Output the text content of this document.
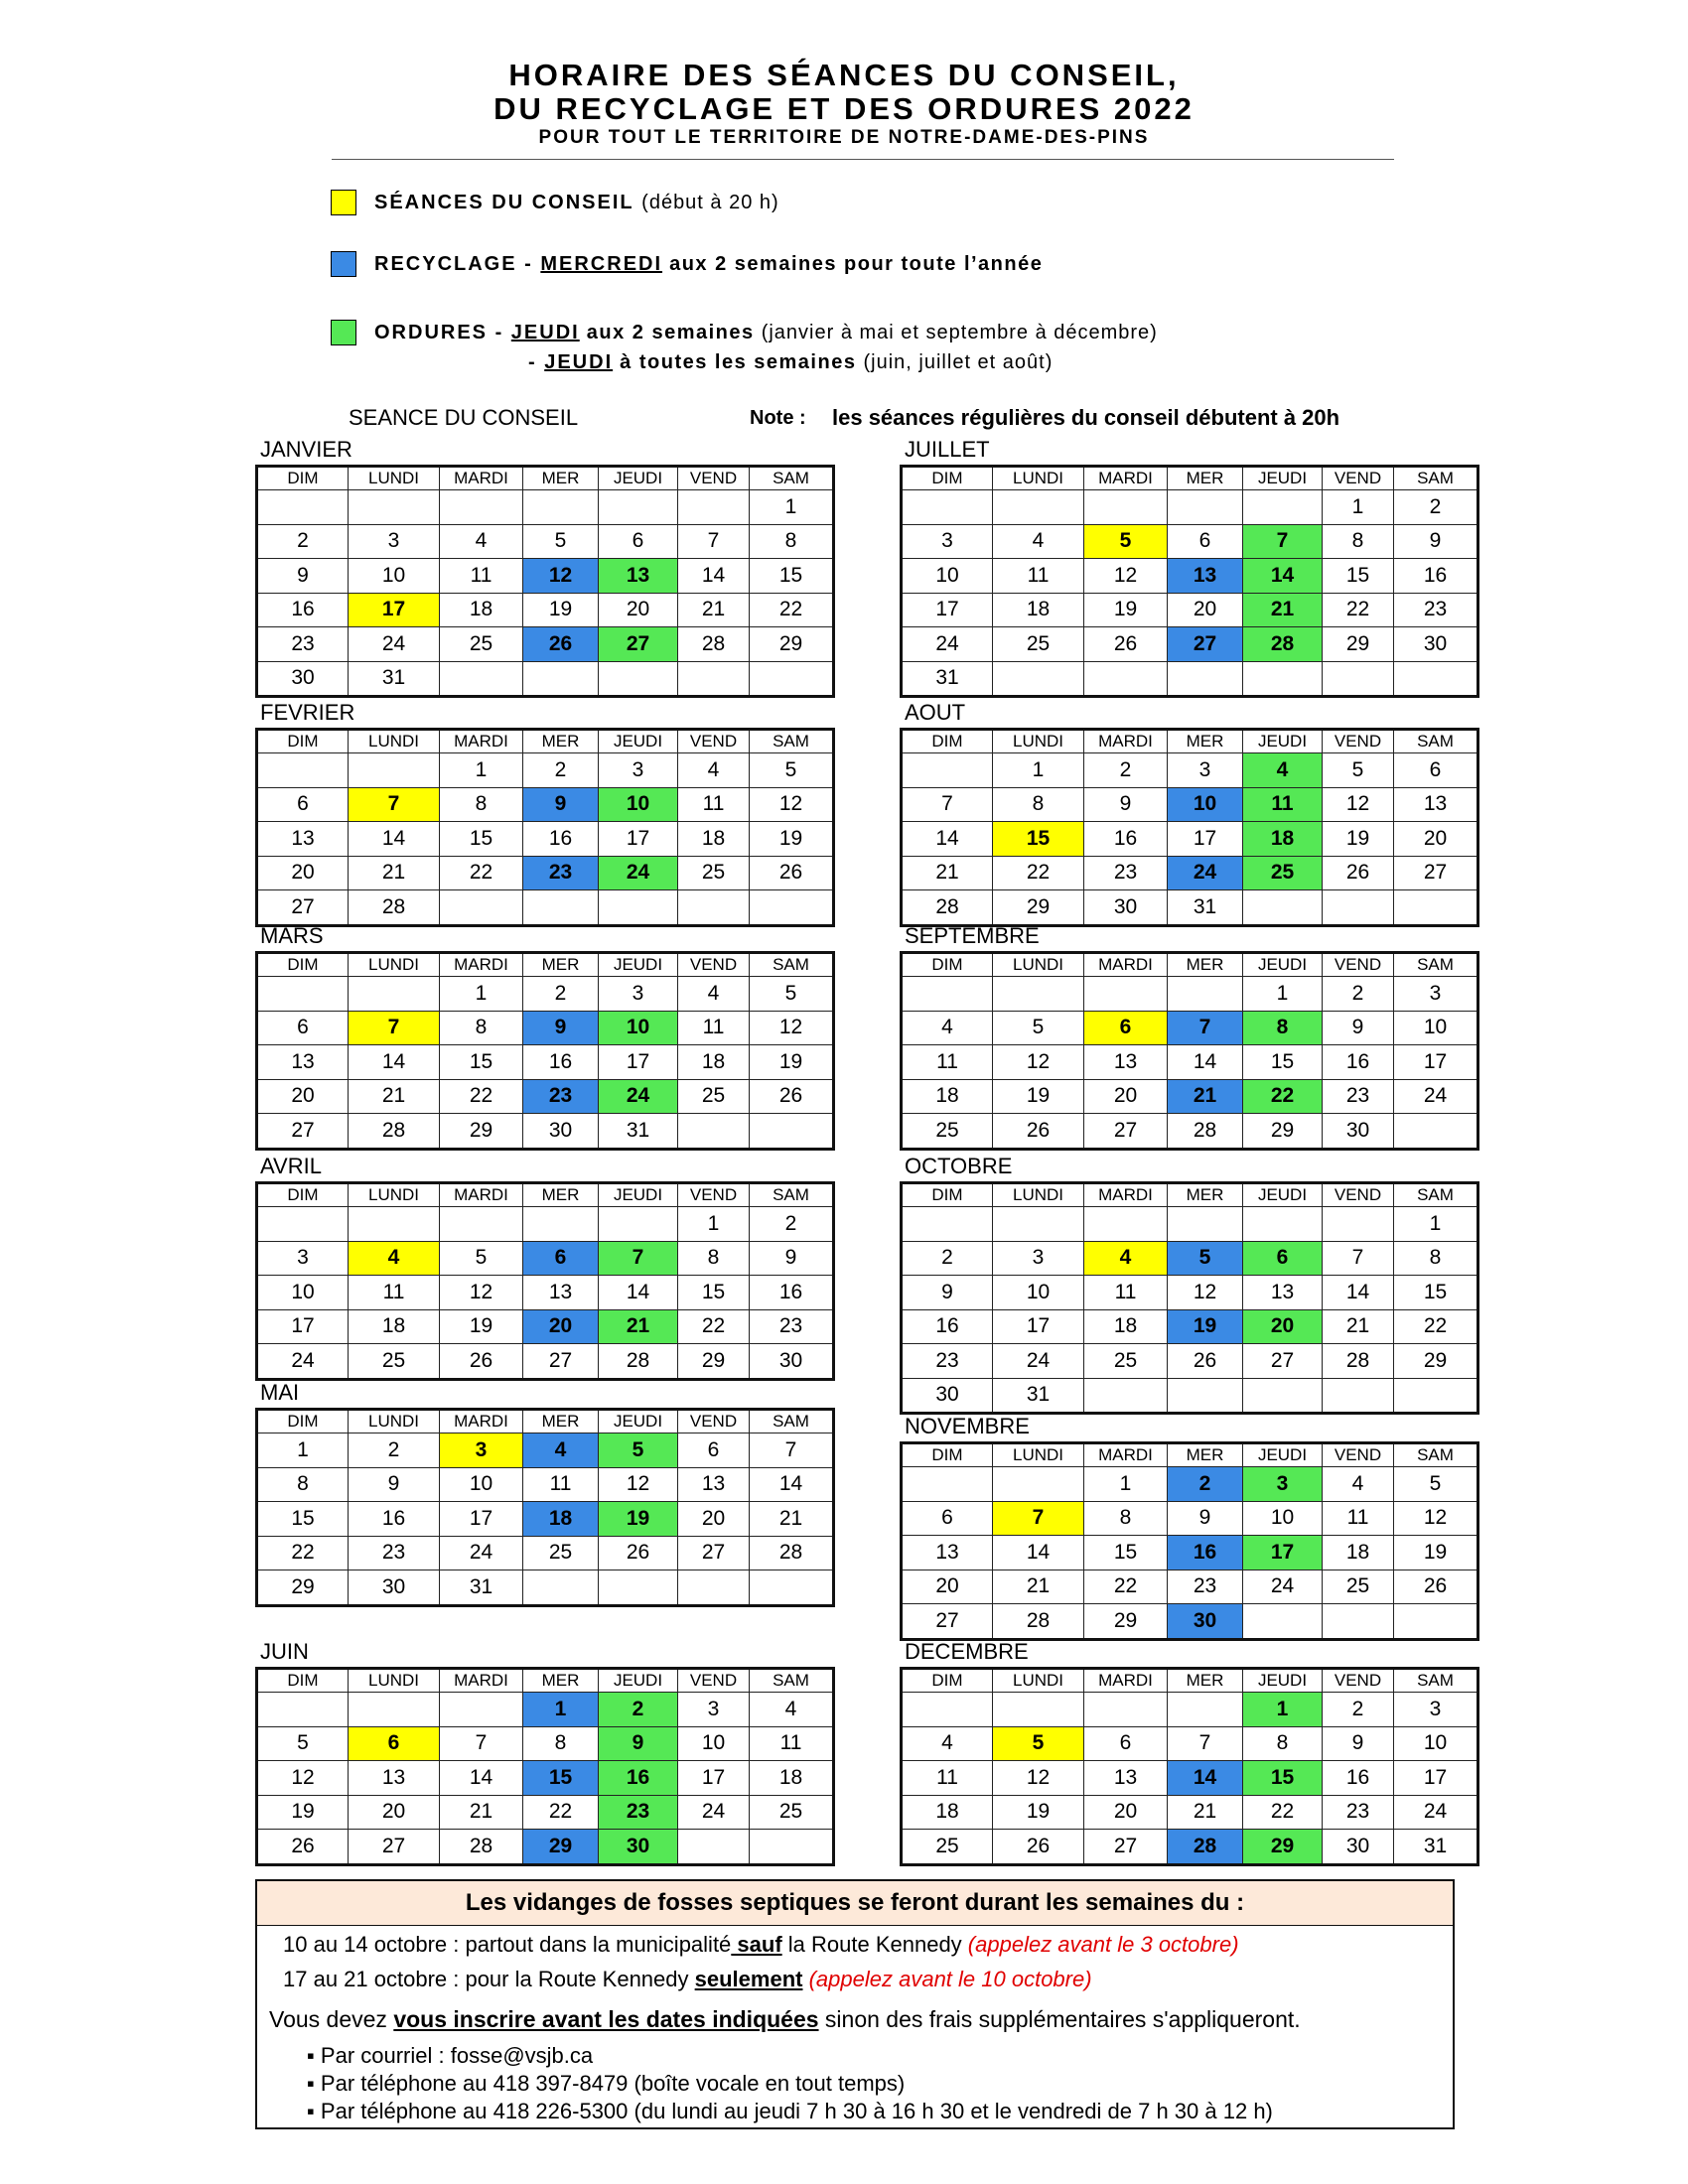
HORAIRE DES SÉANCES DU CONSEIL,
DU RECYCLAGE ET DES ORDURES 2022
POUR TOUT LE TERRITOIRE DE NOTRE-DAME-DES-PINS
SÉANCES DU CONSEIL (début à 20 h)
RECYCLAGE - MERCREDI aux 2 semaines pour toute l’année
ORDURES - JEUDI aux 2 semaines (janvier à mai et septembre à décembre)
- JEUDI à toutes les semaines (juin, juillet et août)
SEANCE DU CONSEIL	Note : les séances régulières du conseil débutent à 20h
JANVIER
DIM	LUNDI	MARDI	MER	JEUDI	VEND	SAM
						1
2	3	4	5	6	7	8
9	10	11	12	13	14	15
16	17	18	19	20	21	22
23	24	25	26	27	28	29
30	31					
FEVRIER
DIM	LUNDI	MARDI	MER	JEUDI	VEND	SAM
		1	2	3	4	5
6	7	8	9	10	11	12
13	14	15	16	17	18	19
20	21	22	23	24	25	26
27	28					
MARS
DIM	LUNDI	MARDI	MER	JEUDI	VEND	SAM
		1	2	3	4	5
6	7	8	9	10	11	12
13	14	15	16	17	18	19
20	21	22	23	24	25	26
27	28	29	30	31		
AVRIL
DIM	LUNDI	MARDI	MER	JEUDI	VEND	SAM
					1	2
3	4	5	6	7	8	9
10	11	12	13	14	15	16
17	18	19	20	21	22	23
24	25	26	27	28	29	30
MAI
DIM	LUNDI	MARDI	MER	JEUDI	VEND	SAM
1	2	3	4	5	6	7
8	9	10	11	12	13	14
15	16	17	18	19	20	21
22	23	24	25	26	27	28
29	30	31				
JUIN
DIM	LUNDI	MARDI	MER	JEUDI	VEND	SAM
			1	2	3	4
5	6	7	8	9	10	11
12	13	14	15	16	17	18
19	20	21	22	23	24	25
26	27	28	29	30		
JUILLET
DIM	LUNDI	MARDI	MER	JEUDI	VEND	SAM
					1	2
3	4	5	6	7	8	9
10	11	12	13	14	15	16
17	18	19	20	21	22	23
24	25	26	27	28	29	30
31						
AOUT
DIM	LUNDI	MARDI	MER	JEUDI	VEND	SAM
	1	2	3	4	5	6
7	8	9	10	11	12	13
14	15	16	17	18	19	20
21	22	23	24	25	26	27
28	29	30	31			
SEPTEMBRE
DIM	LUNDI	MARDI	MER	JEUDI	VEND	SAM
				1	2	3
4	5	6	7	8	9	10
11	12	13	14	15	16	17
18	19	20	21	22	23	24
25	26	27	28	29	30	
OCTOBRE
DIM	LUNDI	MARDI	MER	JEUDI	VEND	SAM
						1
2	3	4	5	6	7	8
9	10	11	12	13	14	15
16	17	18	19	20	21	22
23	24	25	26	27	28	29
30	31					
NOVEMBRE
DIM	LUNDI	MARDI	MER	JEUDI	VEND	SAM
		1	2	3	4	5
6	7	8	9	10	11	12
13	14	15	16	17	18	19
20	21	22	23	24	25	26
27	28	29	30			
DECEMBRE
DIM	LUNDI	MARDI	MER	JEUDI	VEND	SAM
				1	2	3
4	5	6	7	8	9	10
11	12	13	14	15	16	17
18	19	20	21	22	23	24
25	26	27	28	29	30	31
Les vidanges de fosses septiques se feront durant les semaines du :
10 au 14 octobre : partout dans la municipalité sauf la Route Kennedy (appelez avant le 3 octobre)
17 au 21 octobre : pour la Route Kennedy seulement (appelez avant le 10 octobre)
Vous devez vous inscrire avant les dates indiquées sinon des frais supplémentaires s'appliqueront.
▪ Par courriel : fosse@vsjb.ca
▪ Par téléphone au 418 397-8479 (boîte vocale en tout temps)
▪ Par téléphone au 418 226-5300 (du lundi au jeudi 7 h 30 à 16 h 30 et le vendredi de 7 h 30 à 12 h)
